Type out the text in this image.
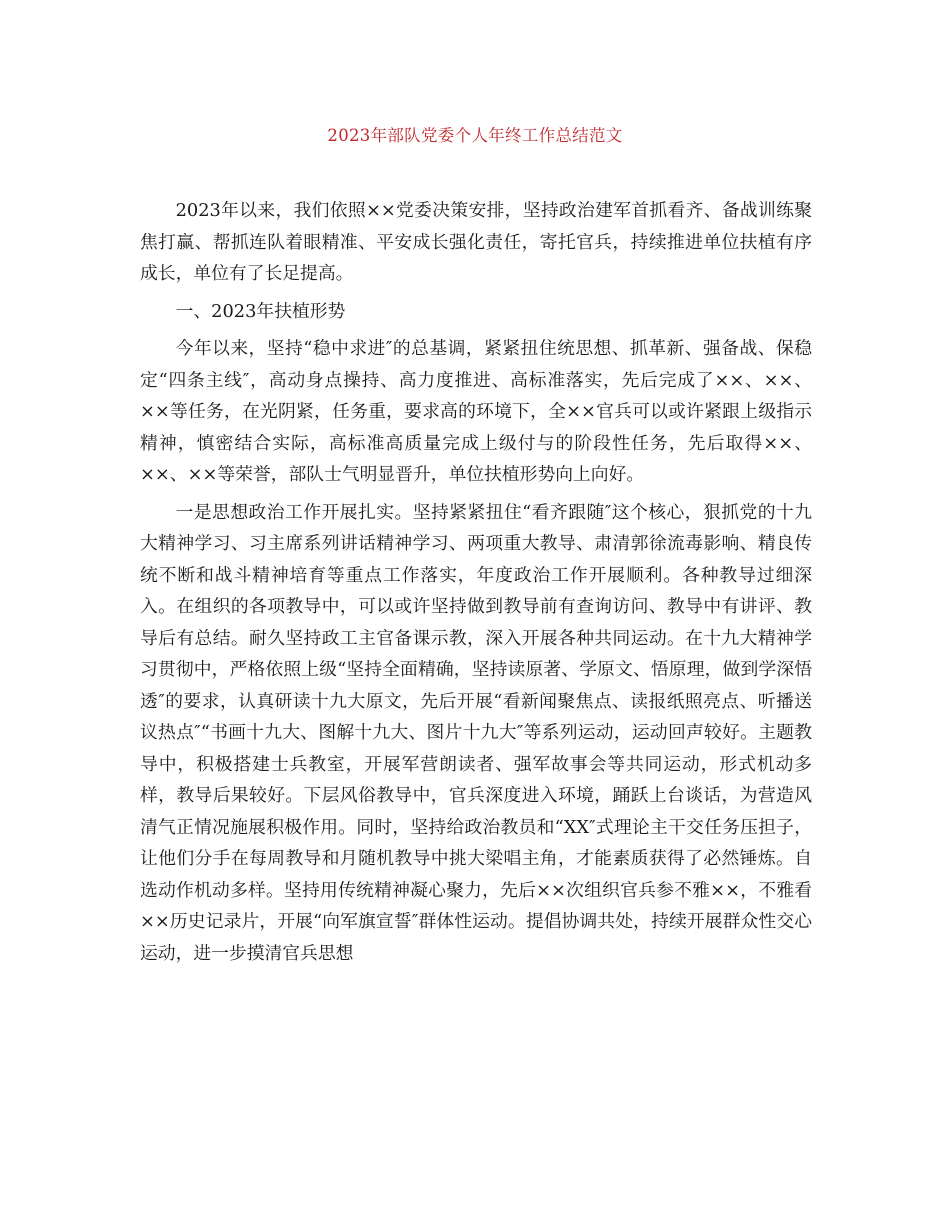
2023年部队党委个人年终工作总结范文

2023年以来，我们依照××党委决策安排，坚持政治建军首抓看齐、备战训练聚焦打赢、帮抓连队着眼精准、平安成长强化责任，寄托官兵，持续推进单位扶植有序成长，单位有了长足提高。

一、2023年扶植形势

今年以来，坚持“稳中求进″的总基调，紧紧扭住统思想、抓革新、强备战、保稳定“四条主线″，高动身点操持、高力度推进、高标准落实，先后完成了××、××、××等任务，在光阴紧，任务重，要求高的环境下，全××官兵可以或许紧跟上级指示精神，慎密结合实际，高标准高质量完成上级付与的阶段性任务，先后取得××、××、××等荣誉，部队士气明显晋升，单位扶植形势向上向好。

一是思想政治工作开展扎实。坚持紧紧扭住“看齐跟随″这个核心，狠抓党的十九大精神学习、习主席系列讲话精神学习、两项重大教导、肃清郭徐流毒影响、精良传统不断和战斗精神培育等重点工作落实，年度政治工作开展顺利。各种教导过细深入。在组织的各项教导中，可以或许坚持做到教导前有查询访问、教导中有讲评、教导后有总结。耐久坚持政工主官备课示教，深入开展各种共同运动。在十九大精神学习贯彻中，严格依照上级“坚持全面精确，坚持读原著、学原文、悟原理，做到学深悟透″的要求，认真研读十九大原文，先后开展“看新闻聚焦点、读报纸照亮点、听播送议热点″“书画十九大、图解十九大、图片十九大″等系列运动，运动回声较好。主题教导中，积极搭建士兵教室，开展军营朗读者、强军故事会等共同运动，形式机动多样，教导后果较好。下层风俗教导中，官兵深度进入环境，踊跃上台谈话，为营造风清气正情况施展积极作用。同时，坚持给政治教员和“XX″式理论主干交任务压担子，让他们分手在每周教导和月随机教导中挑大梁唱主角，才能素质获得了必然锤炼。自选动作机动多样。坚持用传统精神凝心聚力，先后××次组织官兵参不雅××，不雅看××历史记录片，开展“向军旗宣誓″群体性运动。提倡协调共处，持续开展群众性交心运动，进一步摸清官兵思想
